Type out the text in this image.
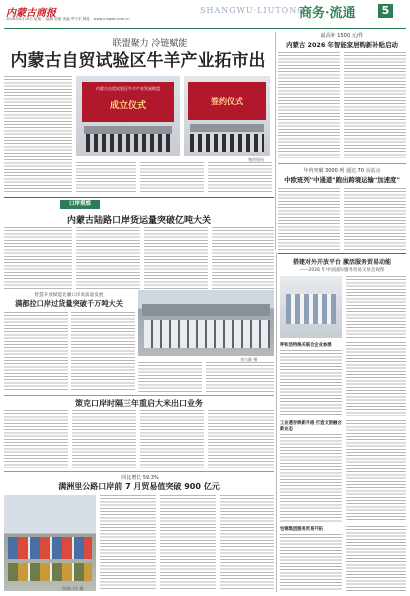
内蒙古商报
2026年8月18日 星期二 编辑 张雅 美编 罗宇东 网址：www.nmgsb.com.cn
SHANGWU·LIUTONG
商务·流通	5
联盟聚力 冷链赋能
内蒙古自贸试验区牛羊产业拓市出
内蒙古自贸试验区牛羊产业发展联盟
成立仪式	签约仪式
签约现场
最高补 1500 元/件
内蒙古 2026 年智能家居购新补贴启动
年内突破 3000 列 通达 70 余站点
中欧班列"中通道"跑出跨境运输"加速度"
口岸观察
内蒙古陆路口岸货运量突破亿吨大关
智慧开放赋能北疆口岸高质量发展
满都拉口岸过货量突破千万吨大关
李占颜 摄
策克口岸时隔三年重启大米出口业务
同比增长 59.3%
满洲里公路口岸前 7 月贸易值突破 900 亿元
铁路口岸 摄
搭建对外开放平台 激活服务贸易动能
——2026 年中国国际服务贸易交易会观察
呼和浩特海关联合企业参展
工业遗存焕新升级 打造文旅融合新业态
包钢集团服务贸易开拓
